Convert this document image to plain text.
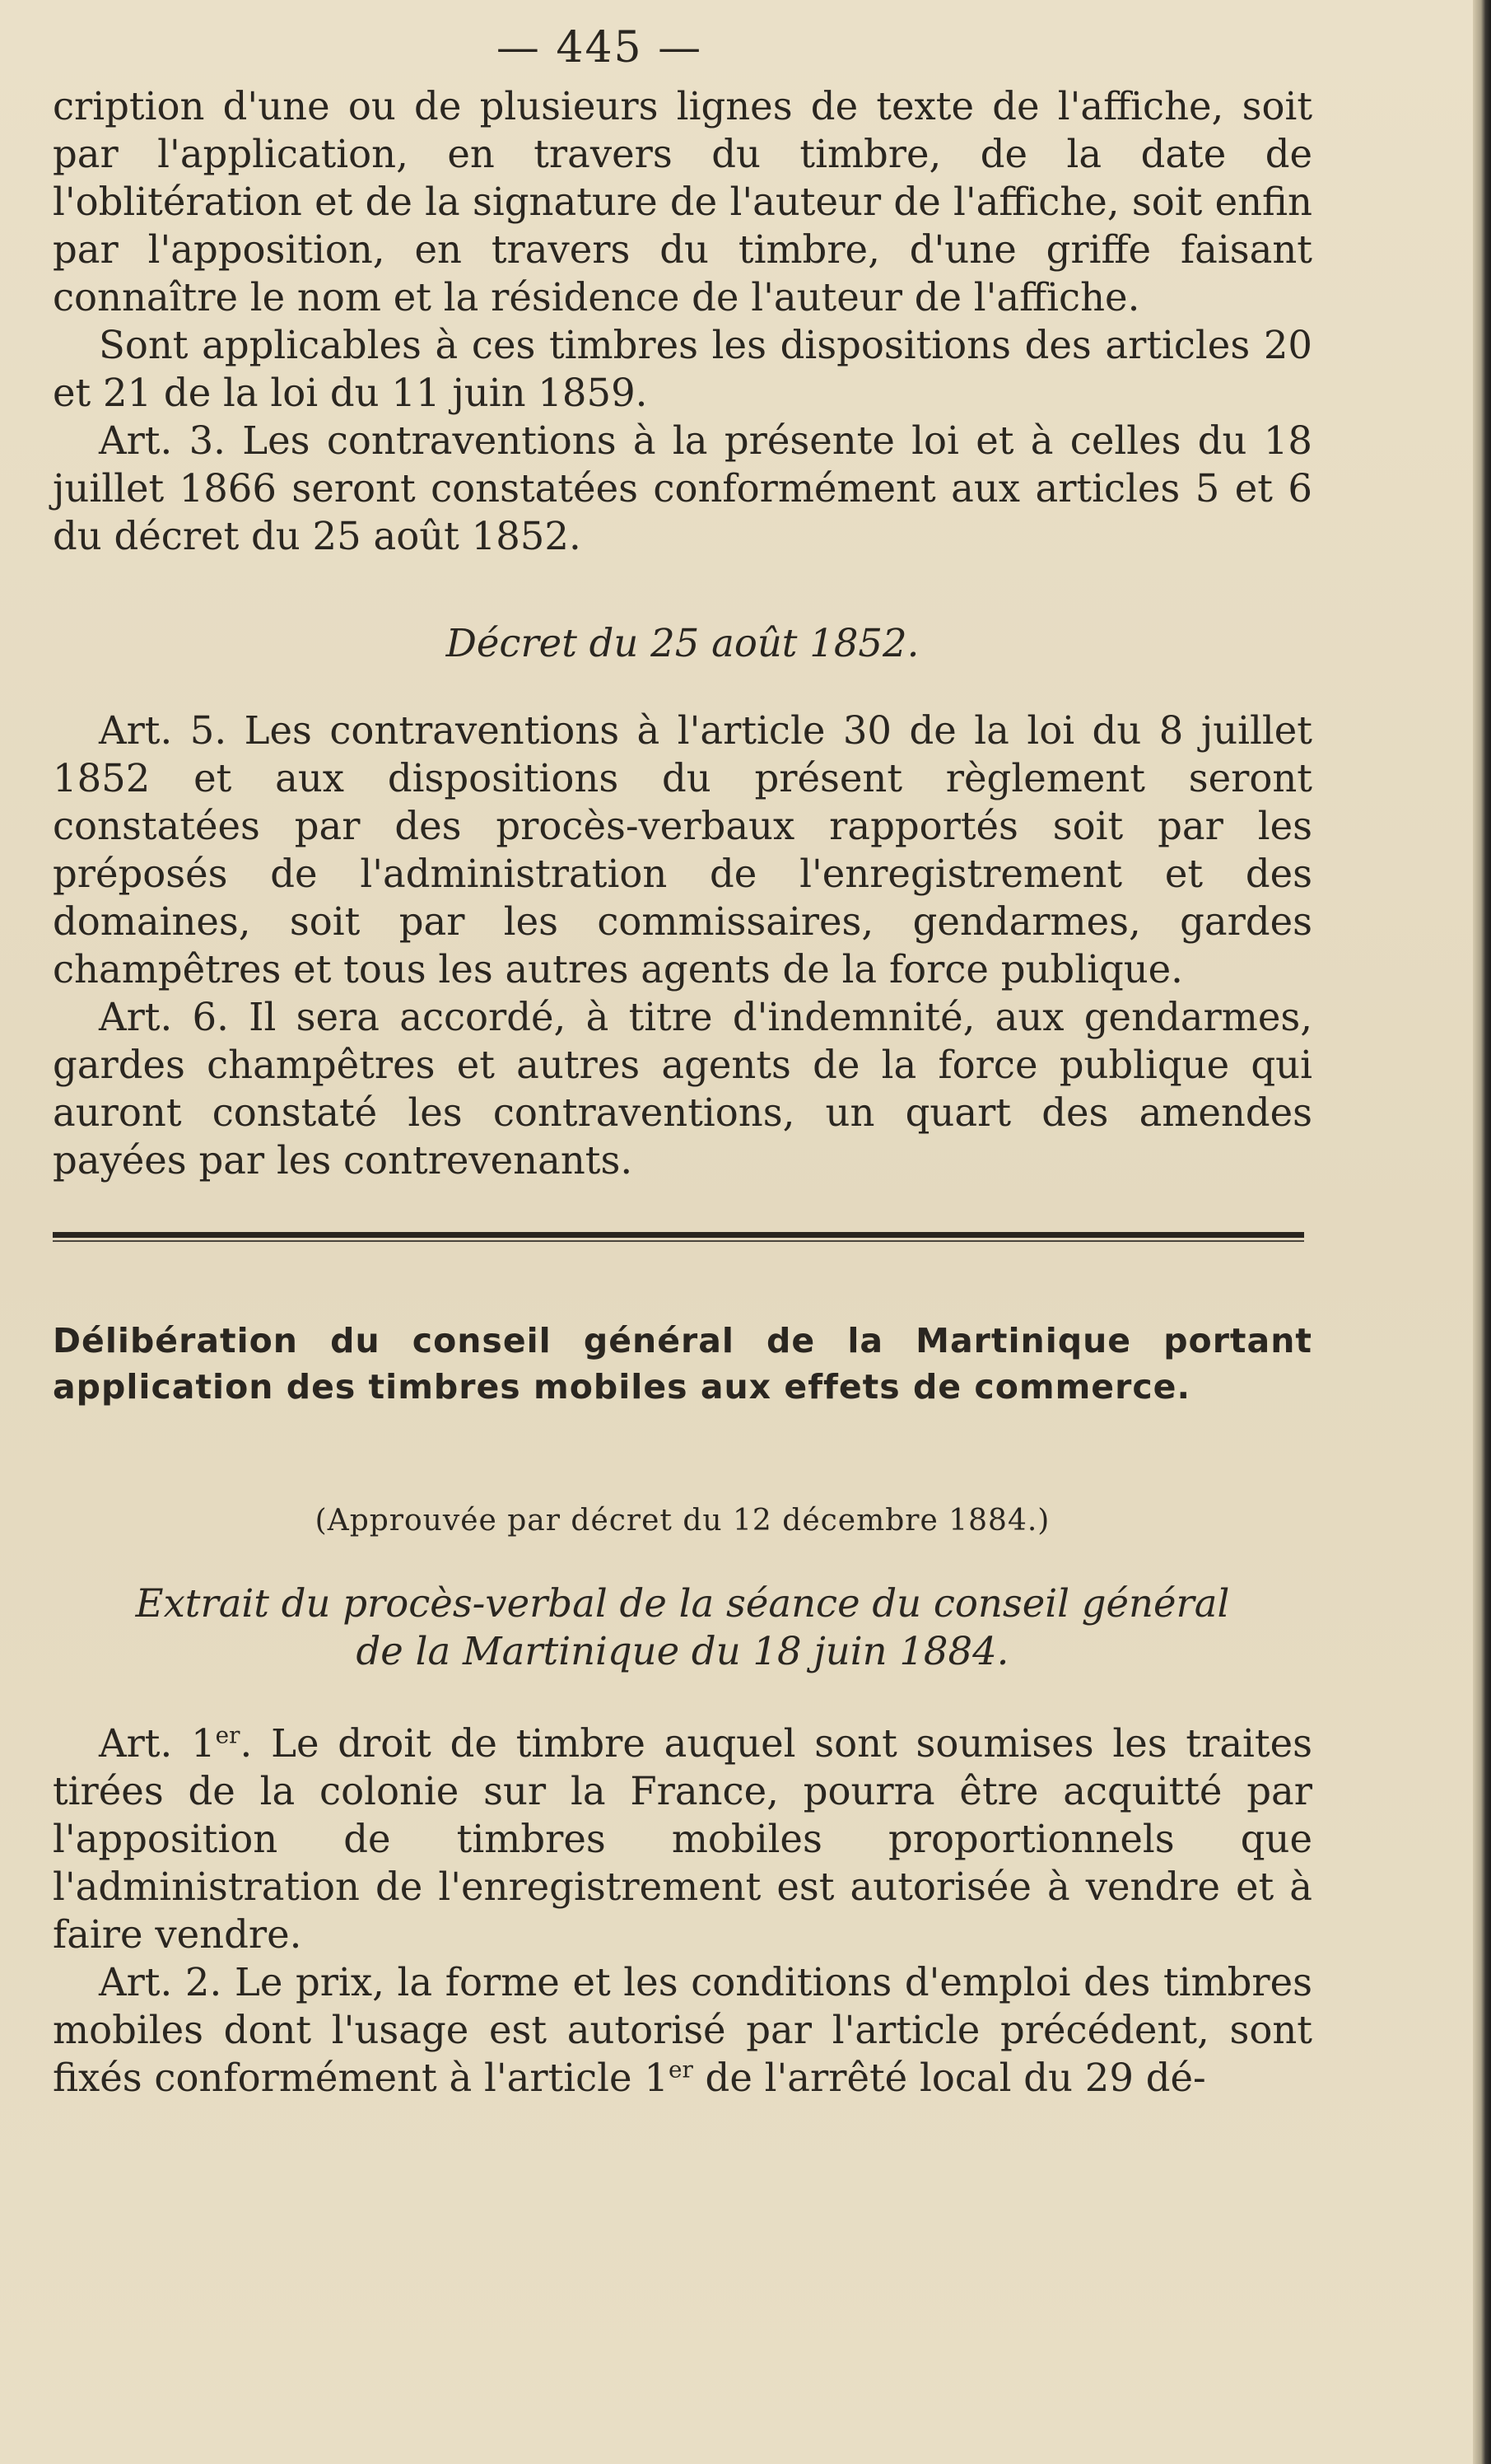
— 445 —

cription d'une ou de plusieurs lignes de texte de l'affiche, soit par l'application, en travers du timbre, de la date de l'oblitération et de la signature de l'auteur de l'affiche, soit enfin par l'apposition, en travers du timbre, d'une griffe faisant connaître le nom et la résidence de l'auteur de l'affiche.

Sont applicables à ces timbres les dispositions des articles 20 et 21 de la loi du 11 juin 1859.

Art. 3. Les contraventions à la présente loi et à celles du 18 juillet 1866 seront constatées conformément aux articles 5 et 6 du décret du 25 août 1852.

Décret du 25 août 1852.

Art. 5. Les contraventions à l'article 30 de la loi du 8 juillet 1852 et aux dispositions du présent règlement seront constatées par des procès-verbaux rapportés soit par les préposés de l'administration de l'enregistrement et des domaines, soit par les commissaires, gendarmes, gardes champêtres et tous les autres agents de la force publique.

Art. 6. Il sera accordé, à titre d'indemnité, aux gendarmes, gardes champêtres et autres agents de la force publique qui auront constaté les contraventions, un quart des amendes payées par les contrevenants.

Délibération du conseil général de la Martinique portant application des timbres mobiles aux effets de commerce.
(Approuvée par décret du 12 décembre 1884.)
Extrait du procès-verbal de la séance du conseil général
de la Martinique du 18 juin 1884.

Art. 1er. Le droit de timbre auquel sont soumises les traites tirées de la colonie sur la France, pourra être acquitté par l'apposition de timbres mobiles proportionnels que l'administration de l'enregistrement est autorisée à vendre et à faire vendre.

Art. 2. Le prix, la forme et les conditions d'emploi des timbres mobiles dont l'usage est autorisé par l'article précédent, sont fixés conformément à l'article 1er de l'arrêté local du 29 dé-
